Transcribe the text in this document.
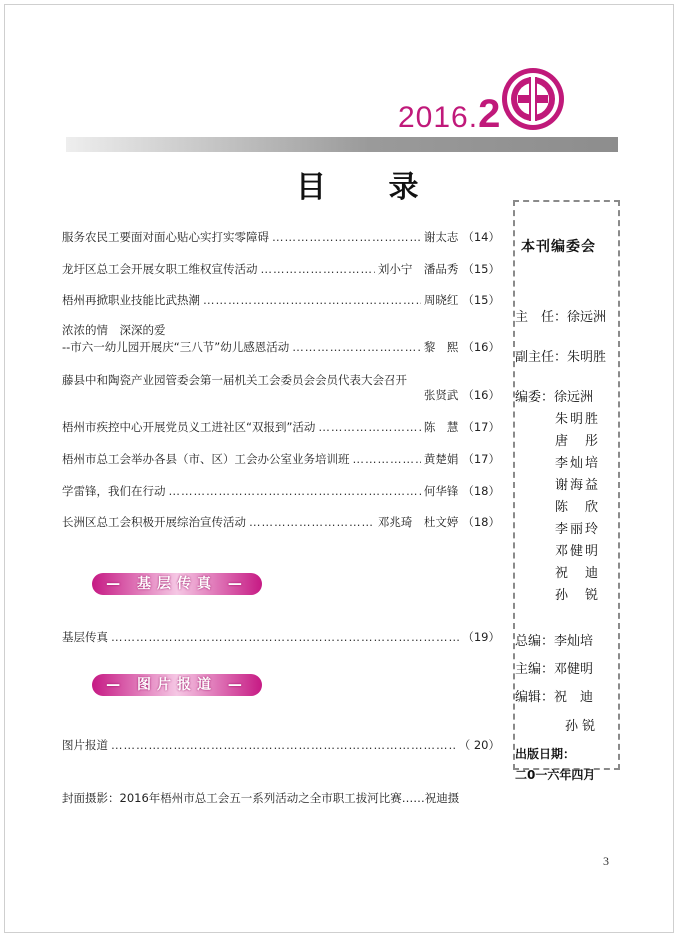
2016.2
目 录
服务农民工要面对面心贴心实打实零障碍 ………………………………………………………………………………………………………	谢太志 （14）
龙圩区总工会开展女职工维权宣传活动 ………………………………………………………………………………………………………	刘小宁　潘品秀 （15）
梧州再掀职业技能比武热潮 ………………………………………………………………………………………………………	周晓红 （15）
浓浓的情　深深的爱
--市六一幼儿园开展庆“三八节”幼儿感恩活动 ………………………………………………………………………………………………………	黎　熙 （16）
藤县中和陶瓷产业园管委会第一届机关工会委员会会员代表大会召开
张贤武 （16）
梧州市疾控中心开展党员义工进社区“双报到”活动 ………………………………………………………………………………………………………	陈　慧 （17）
梧州市总工会举办各县（市、区）工会办公室业务培训班 ………………………………………………………………………………………………………	黄楚娟 （17）
学雷锋，我们在行动 ………………………………………………………………………………………………………	何华锋 （18）
长洲区总工会积极开展综治宣传活动 ………………………………………………………………………………………………………	邓兆琦　杜文婷 （18）
— 基层传真 —
基层传真 ………………………………………………………………………………………………………	（19）
— 图片报道 —
图片报道 ………………………………………………………………………………………………………	（ 20）
封面摄影：2016年梧州市总工会五一系列活动之全市职工拔河比赛……祝迪摄
本刊编委会
主　任：徐远洲
副主任：朱明胜
编委：徐远洲
朱明胜
唐　彤
李灿培
谢海益
陈　欣
李丽玲
邓健明
祝　迪
孙　锐
总编：李灿培
主编：邓健明
编辑：祝　迪
孙 锐
出版日期：
二0一六年四月
3
